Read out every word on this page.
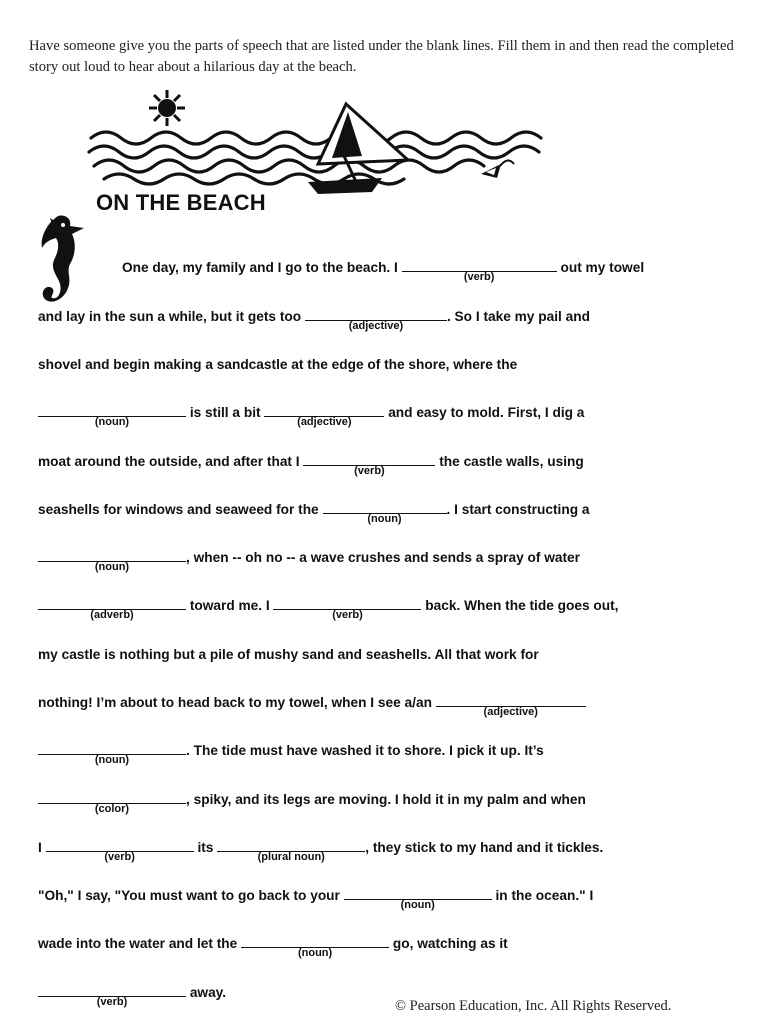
Have someone give you the parts of speech that are listed under the blank lines. Fill them in and then read the completed story out loud to hear about a hilarious day at the beach.
ON THE BEACH
One day, my family and I go to the beach. I
(verb)
out my towel
and lay in the sun a while, but it gets too
(adjective)
. So I take my pail and
shovel and begin making a sandcastle at the edge of the shore, where the
(noun)
is still a bit
(adjective)
and easy to mold. First, I dig a
moat around the outside, and after that I
(verb)
the castle walls, using
seashells for windows and seaweed for the
(noun)
. I start constructing a
(noun)
, when -- oh no -- a wave crushes and sends a spray of water
(adverb)
toward me. I
(verb)
back. When the tide goes out,
my castle is nothing but a pile of mushy sand and seashells. All that work for
nothing! I’m about to head back to my towel, when I see a/an
(adjective)
(noun)
. The tide must have washed it to shore. I pick it up. It’s
(color)
, spiky, and its legs are moving. I hold it in my palm and when
I
(verb)
its
(plural noun)
, they stick to my hand and it tickles.
"Oh," I say, "You must want to go back to your
(noun)
in the ocean." I
wade into the water and let the
(noun)
go, watching as it
(verb)
away.
© Pearson Education, Inc. All Rights Reserved.
